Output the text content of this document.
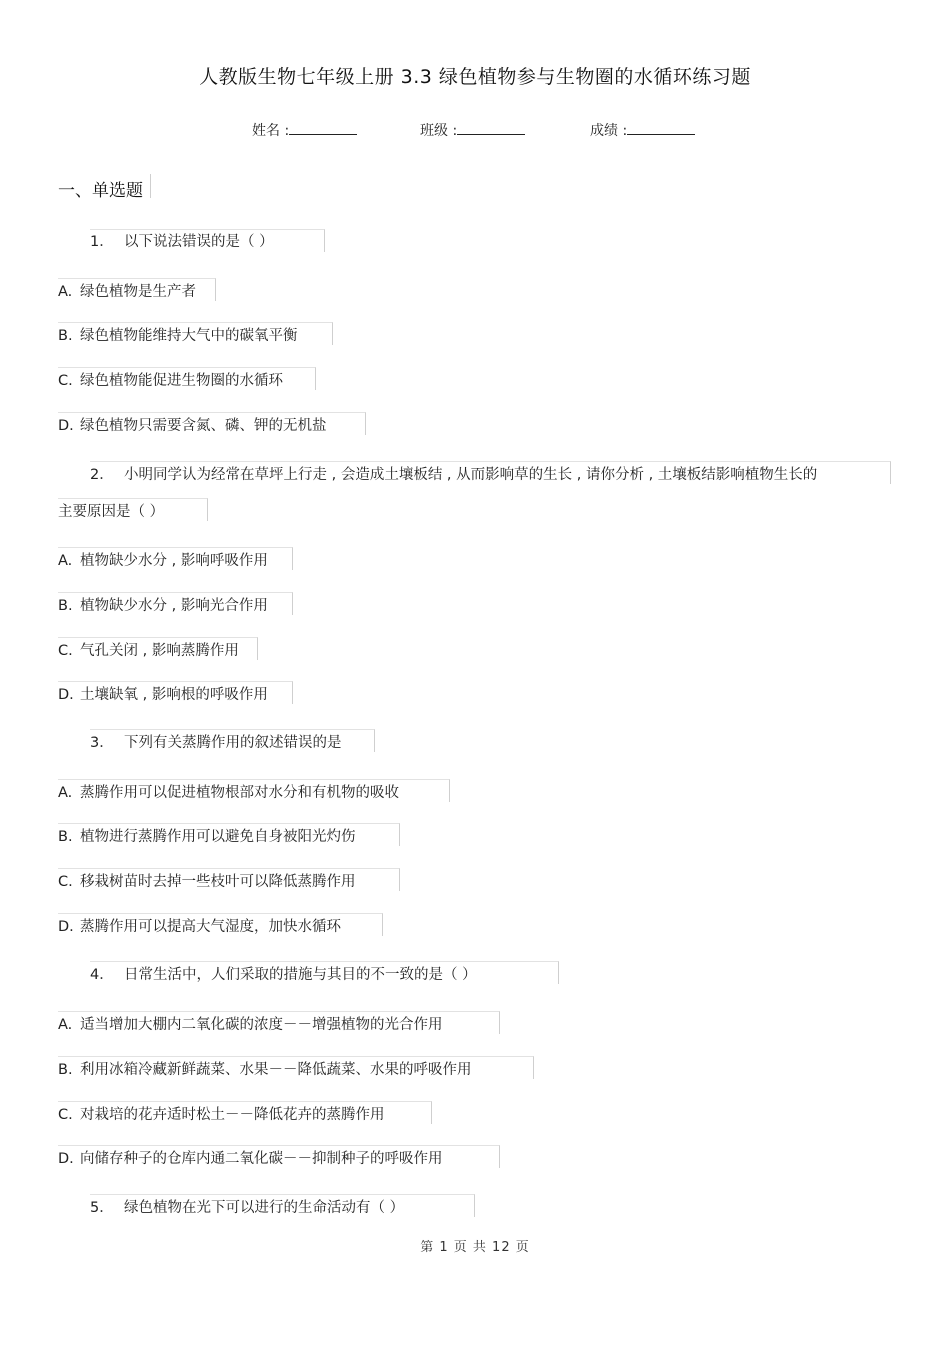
人教版生物七年级上册 3.3 绿色植物参与生物圈的水循环练习题
姓名 :	班级 :	成绩 :
一、单选题
1． 以下说法错误的是（ ）
A. 绿色植物是生产者
B. 绿色植物能维持大气中的碳氧平衡
C. 绿色植物能促进生物圈的水循环
D. 绿色植物只需要含氮、磷、钾的无机盐
2． 小明同学认为经常在草坪上行走 , 会造成土壤板结 , 从而影响草的生长 , 请你分析 , 土壤板结影响植物生长的
主要原因是（ ）
A. 植物缺少水分 , 影响呼吸作用
B. 植物缺少水分 , 影响光合作用
C. 气孔关闭 , 影响蒸腾作用
D. 土壤缺氧 , 影响根的呼吸作用
3． 下列有关蒸腾作用的叙述错误的是
A. 蒸腾作用可以促进植物根部对水分和有机物的吸收
B. 植物进行蒸腾作用可以避免自身被阳光灼伤
C. 移栽树苗时去掉一些枝叶可以降低蒸腾作用
D. 蒸腾作用可以提高大气湿度，加快水循环
4． 日常生活中，人们采取的措施与其目的不一致的是（ ）
A. 适当增加大棚内二氧化碳的浓度－－增强植物的光合作用
B. 利用冰箱冷藏新鲜蔬菜、水果－－降低蔬菜、水果的呼吸作用
C. 对栽培的花卉适时松土－－降低花卉的蒸腾作用
D. 向储存种子的仓库内通二氧化碳－－抑制种子的呼吸作用
5． 绿色植物在光下可以进行的生命活动有（ ）
第 1 页 共 12 页
